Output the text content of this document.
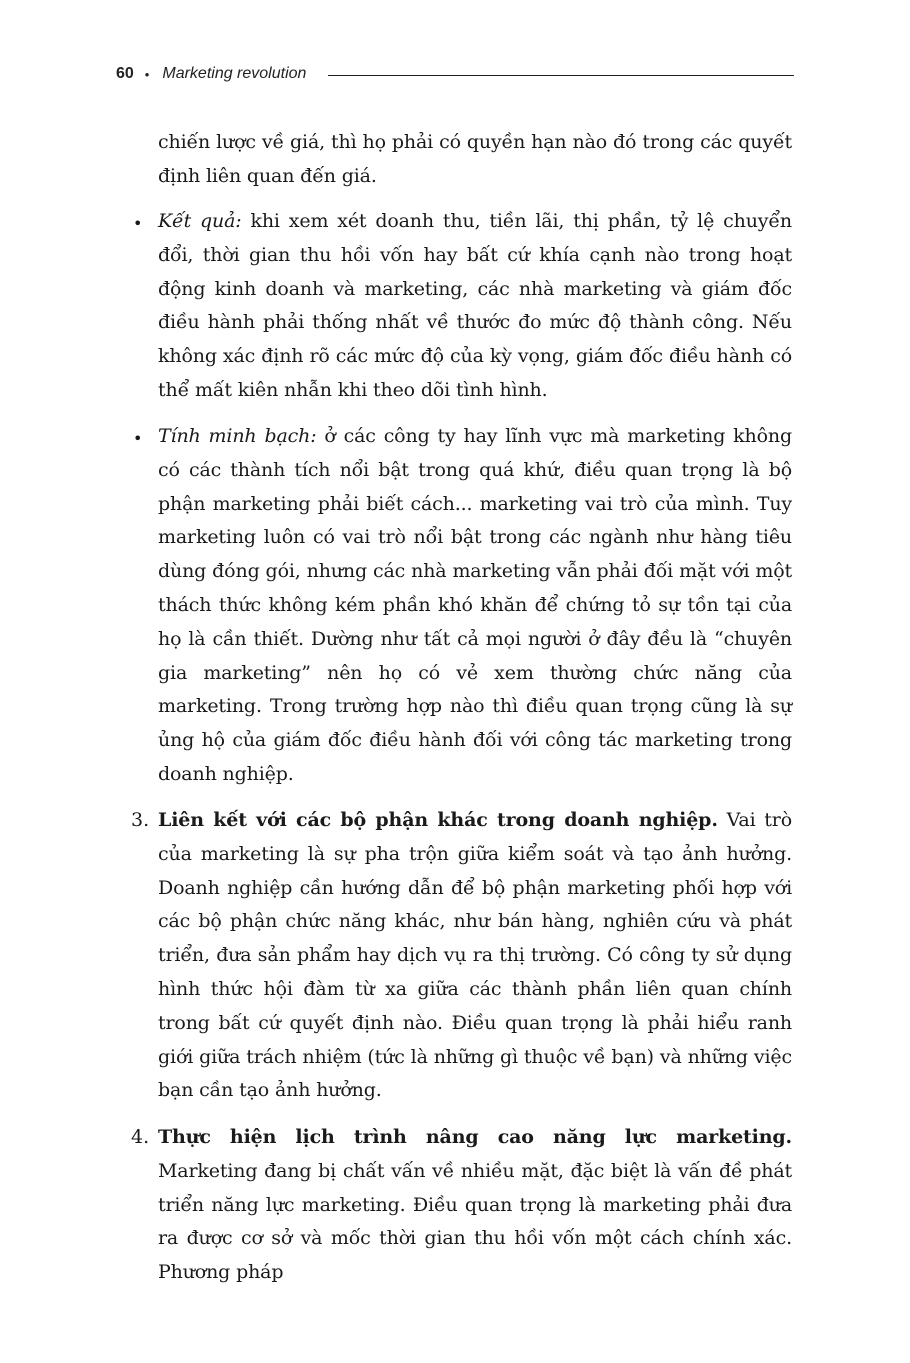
60 • Marketing revolution

chiến lược về giá, thì họ phải có quyền hạn nào đó trong các quyết định liên quan đến giá.

• Kết quả: khi xem xét doanh thu, tiền lãi, thị phần, tỷ lệ chuyển đổi, thời gian thu hồi vốn hay bất cứ khía cạnh nào trong hoạt động kinh doanh và marketing, các nhà marketing và giám đốc điều hành phải thống nhất về thước đo mức độ thành công. Nếu không xác định rõ các mức độ của kỳ vọng, giám đốc điều hành có thể mất kiên nhẫn khi theo dõi tình hình.

• Tính minh bạch: ở các công ty hay lĩnh vực mà marketing không có các thành tích nổi bật trong quá khứ, điều quan trọng là bộ phận marketing phải biết cách... marketing vai trò của mình. Tuy marketing luôn có vai trò nổi bật trong các ngành như hàng tiêu dùng đóng gói, nhưng các nhà marketing vẫn phải đối mặt với một thách thức không kém phần khó khăn để chứng tỏ sự tồn tại của họ là cần thiết. Dường như tất cả mọi người ở đây đều là “chuyên gia marketing” nên họ có vẻ xem thường chức năng của marketing. Trong trường hợp nào thì điều quan trọng cũng là sự ủng hộ của giám đốc điều hành đối với công tác marketing trong doanh nghiệp.

3. Liên kết với các bộ phận khác trong doanh nghiệp. Vai trò của marketing là sự pha trộn giữa kiểm soát và tạo ảnh hưởng. Doanh nghiệp cần hướng dẫn để bộ phận marketing phối hợp với các bộ phận chức năng khác, như bán hàng, nghiên cứu và phát triển, đưa sản phẩm hay dịch vụ ra thị trường. Có công ty sử dụng hình thức hội đàm từ xa giữa các thành phần liên quan chính trong bất cứ quyết định nào. Điều quan trọng là phải hiểu ranh giới giữa trách nhiệm (tức là những gì thuộc về bạn) và những việc bạn cần tạo ảnh hưởng.

4. Thực hiện lịch trình nâng cao năng lực marketing. Marketing đang bị chất vấn về nhiều mặt, đặc biệt là vấn đề phát triển năng lực marketing. Điều quan trọng là marketing phải đưa ra được cơ sở và mốc thời gian thu hồi vốn một cách chính xác. Phương pháp
